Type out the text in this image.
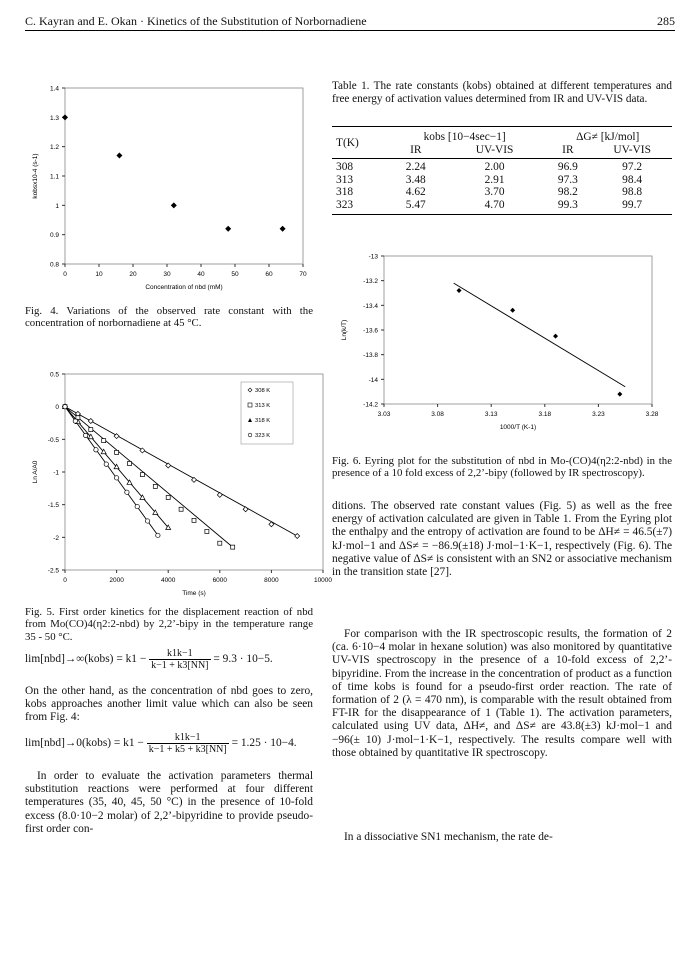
C. Kayran and E. Okan · Kinetics of the Substitution of Norbornadiene	285
0	10	20	30	40	50	60	70
0.8
0.9
1
1.1
1.2
1.3
1.4
Concentration of nbd (mM)
kobsx10-4 (s-1)
Fig. 4. Variations of the observed rate constant with the concentration of norbornadiene at 45 °C.
0	2000	4000	6000	8000	10000
0.5
0
-0.5
-1
-1.5
-2
-2.5
Time (s)
Ln A/A0
308 K
313 K
318 K
323 K
Fig. 5. First order kinetics for the displacement reaction of nbd from Mo(CO)4(η2:2-nbd) by 2,2’-bipy in the temperature range 35 - 50 °C.
lim[nbd]→∞(kobs) = $k1 - \frac{k1k-1}{k-1 + k3[NN]} = 9.3 \cdot 10-5$.
On the other hand, as the concentration of nbd goes to zero, kobs approaches another limit value which can also be seen from Fig. 4:
lim[nbd]→0(kobs) = $k1 - \frac{k1k-1}{k-1 + k5 + k3[NN]} = 1.25 \cdot 10-4$.
In order to evaluate the activation parameters thermal substitution reactions were performed at four different temperatures (35, 40, 45, 50 °C) in the presence of 10-fold excess (8.0·10−2 molar) of 2,2’-bipyridine to provide pseudo-first order con-
Table 1. The rate constants (kobs) obtained at different temperatures and free energy of activation values determined from IR and UV-VIS data.
T(K)	kobs [10−4sec−1]		ΔG≠ [kJ/mol]	
	IR	UV-VIS	IR	UV-VIS

308	2.24	2.00	96.9	97.2
313	3.48	2.91	97.3	98.4
318	4.62	3.70	98.2	98.8
323	5.47	4.70	99.3	99.7
3.03	3.08	3.13	3.18	3.23	3.28
-13
-13.2
-13.4
-13.6
-13.8
-14
-14.2
1000/T (K-1)
Ln(k/T)
Fig. 6. Eyring plot for the substitution of nbd in Mo-(CO)4(η2:2-nbd) in the presence of a 10 fold excess of 2,2’-bipy (followed by IR spectroscopy).
ditions. The observed rate constant values (Fig. 5) as well as the free energy of activation calculated are given in Table 1. From the Eyring plot the enthalpy and the entropy of activation are found to be ΔH≠ = 46.5(±7) kJ·mol−1 and ΔS≠ = −86.9(±18) J·mol−1·K−1, respectively (Fig. 6). The negative value of ΔS≠ is consistent with an SN2 or associative mechanism in the transition state [27].
For comparison with the IR spectroscopic results, the formation of 2 (ca. 6·10−4 molar in hexane solution) was also monitored by quantitative UV-VIS spectroscopy in the presence of a 10-fold excess of 2,2’-bipyridine. From the increase in the concentration of product as a function of time kobs is found for a pseudo-first order reaction. The rate of formation of 2 (λ = 470 nm), is comparable with the result obtained from FT-IR for the disappearance of 1 (Table 1). The activation parameters, calculated using UV data, ΔH≠, and ΔS≠ are 43.8(±3) kJ·mol−1 and −96(± 10) J·mol−1·K−1, respectively. The results compare well with those obtained by quantitative IR spectroscopy.
In a dissociative SN1 mechanism, the rate de-
